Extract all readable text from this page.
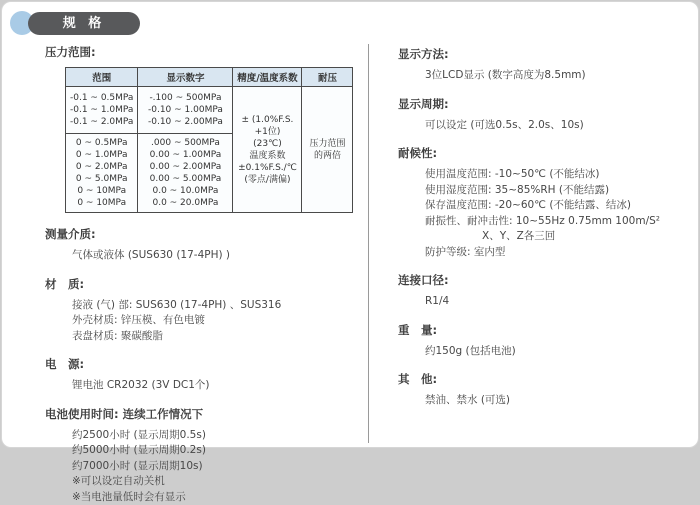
规 格
压力范围:
范围	显示数字	精度/温度系数	耐压

-0.1 ~ 0.5MPa
-0.1 ~ 1.0MPa
-0.1 ~ 2.0MPa

-.100 ~ 500MPa
-0.10 ~ 1.00MPa
-0.10 ~ 2.00MPa	± (1.0%F.S.
+1位)
(23℃)
温度系数
±0.1%F.S./℃
(零点/满偏)

压力范围
的两倍

0 ~ 0.5MPa
0 ~ 1.0MPa
0 ~ 2.0MPa
0 ~ 5.0MPa
0 ~ 10MPa
0 ~ 10MPa

.000 ~ 500MPa
0.00 ~ 1.00MPa
0.00 ~ 2.00MPa
0.00 ~ 5.00MPa
0.0 ~ 10.0MPa
0.0 ~ 20.0MPa
测量介质:
气体或液体 (SUS630 (17-4PH) )
材　质:
接液 (气) 部: SUS630 (17-4PH) 、SUS316
外壳材质: 锌压模、有色电镀
表盘材质: 聚碳酸脂
电　源:
锂电池 CR2032 (3V DC1个)
电池使用时间: 连续工作情况下
约2500小时 (显示周期0.5s)
约5000小时 (显示周期0.2s)
约7000小时 (显示周期10s)
※可以设定自动关机
※当电池量低时会有显示
显示方法:
3位LCD显示 (数字高度为8.5mm)
显示周期:
可以设定 (可选0.5s、2.0s、10s)
耐候性:
使用温度范围: -10~50℃ (不能结冰)
使用湿度范围: 35~85%RH (不能结露)
保存温度范围: -20~60℃ (不能结露、结冰)
耐振性、耐冲击性: 10~55Hz 0.75mm 100m/S²
X、Y、Z各三回
防护等级: 室内型
连接口径:
R1/4
重　量:
约150g (包括电池)
其　他:
禁油、禁水 (可选)
